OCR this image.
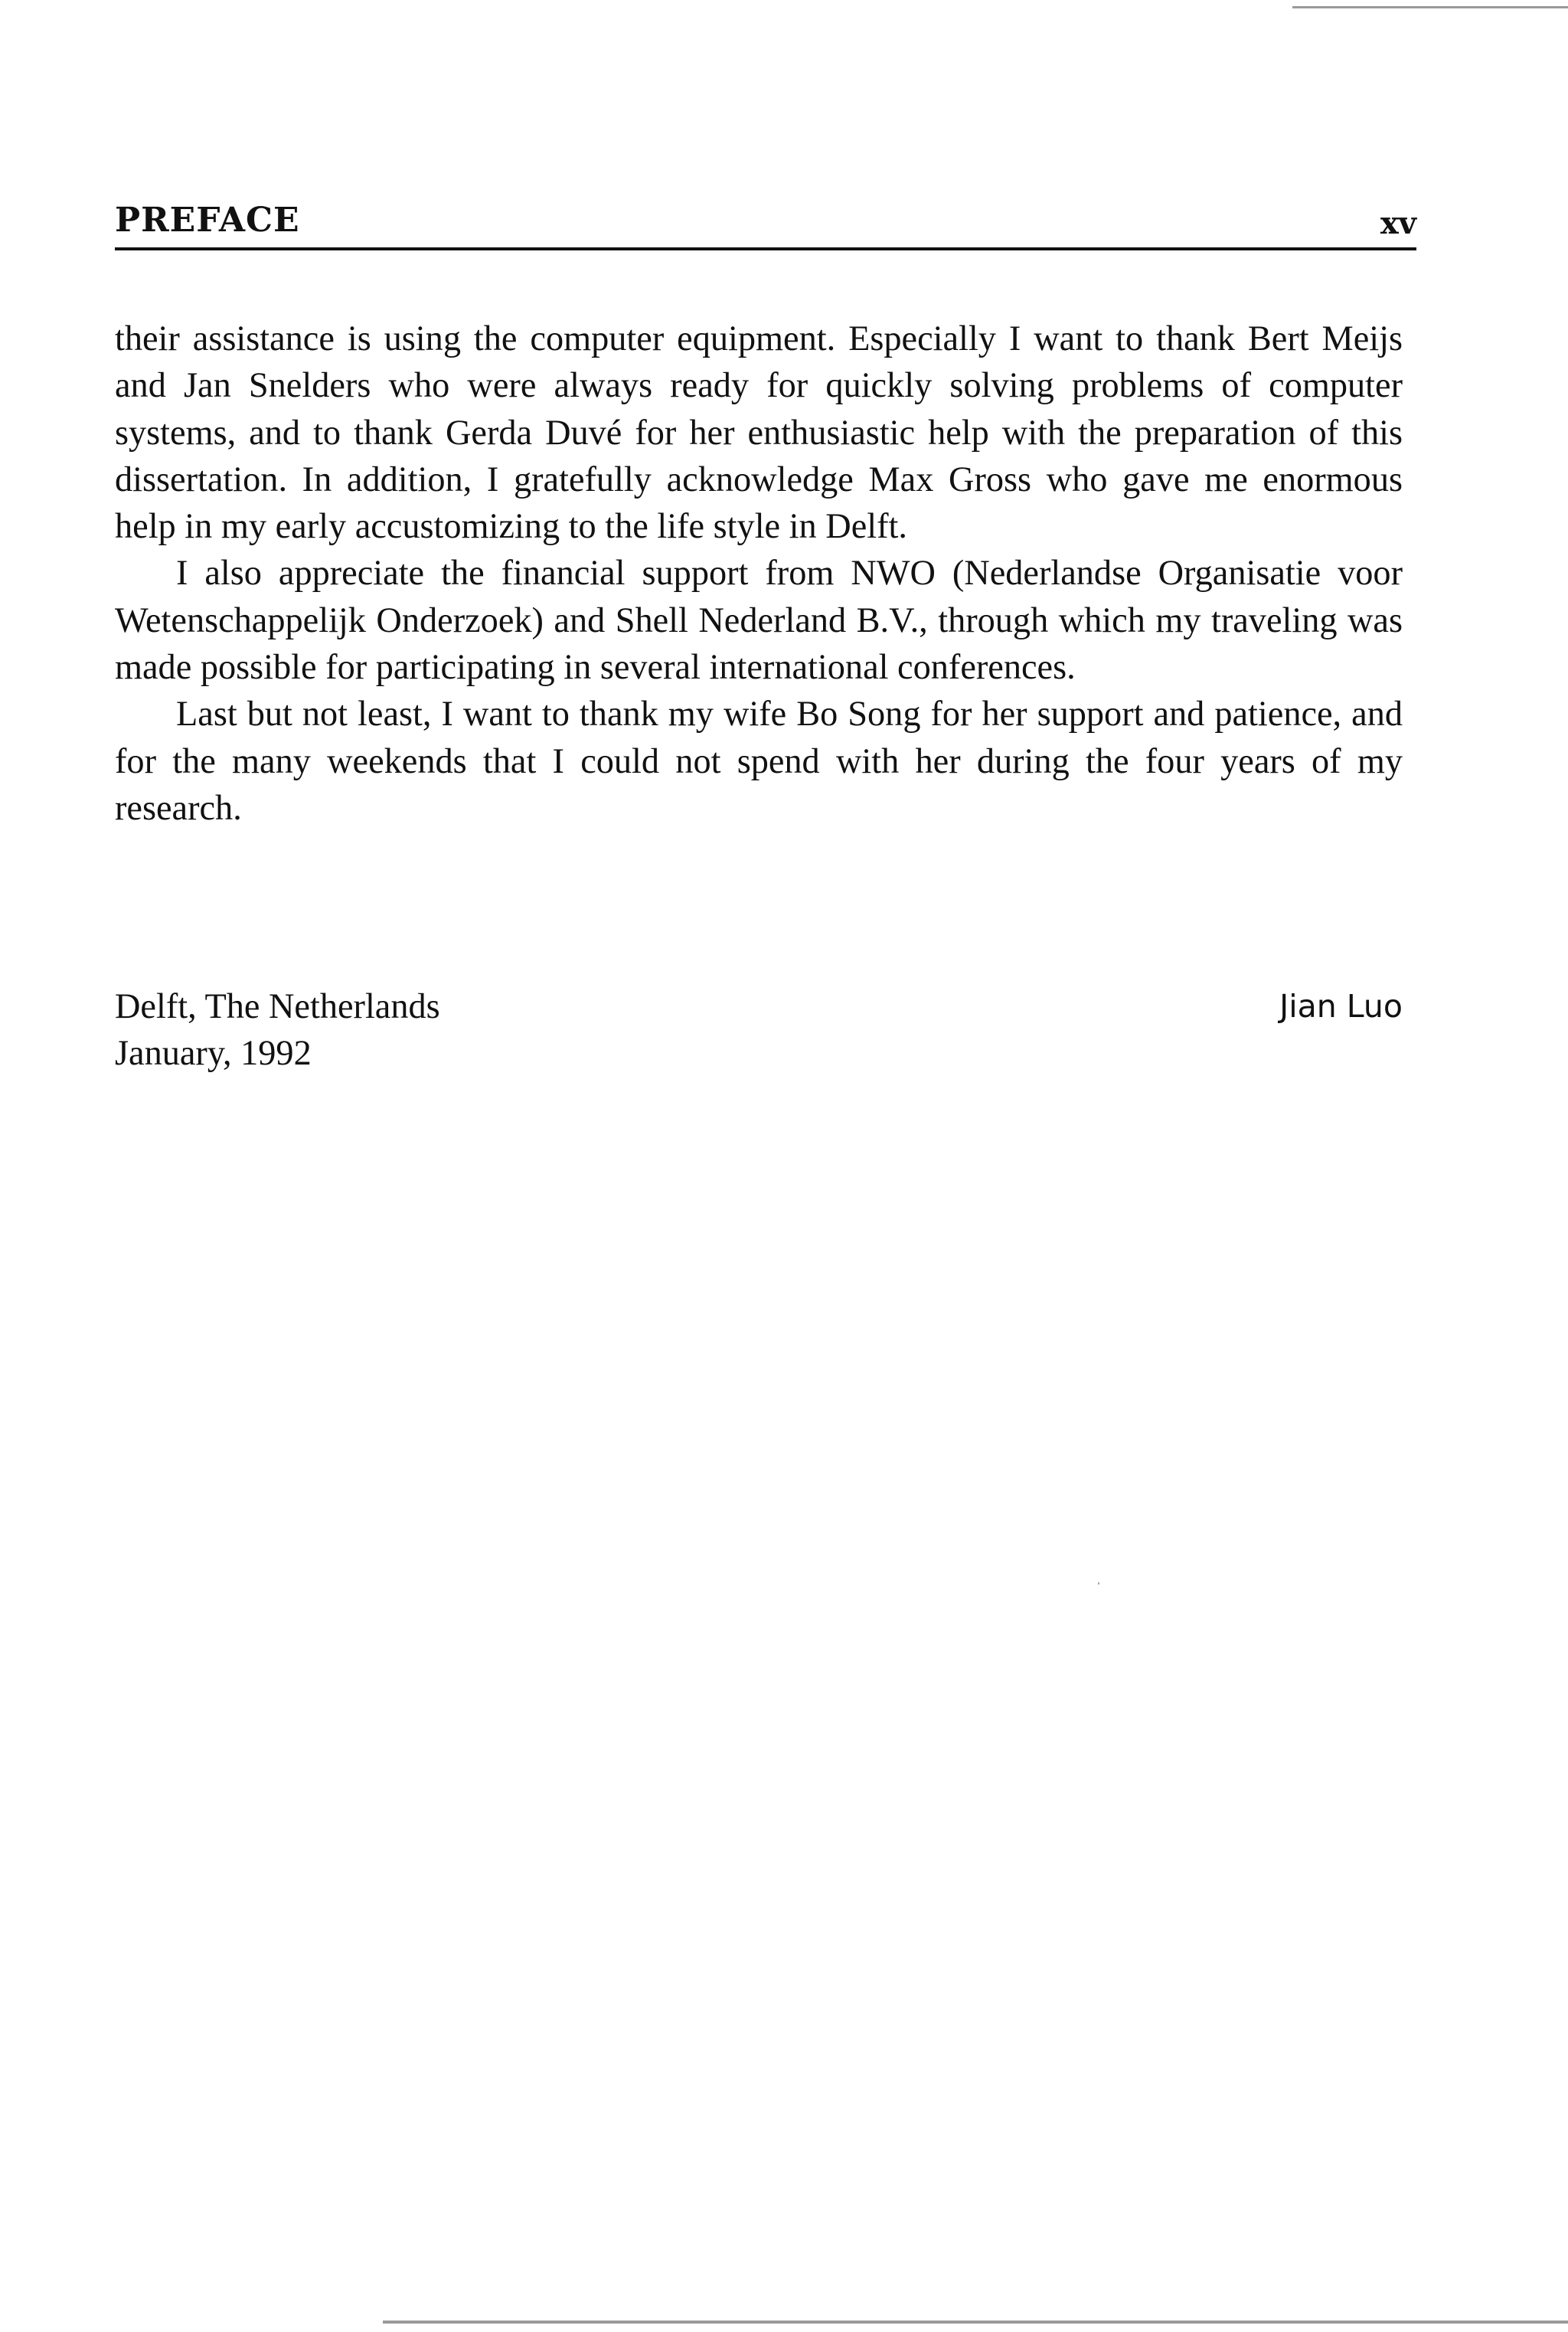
PREFACE	xv

their assistance is using the computer equipment. Especially I want to thank Bert Meijs and Jan Snelders who were always ready for quickly solving problems of computer systems, and to thank Gerda Duvé for her enthusiastic help with the preparation of this dissertation. In addition, I gratefully acknowledge Max Gross who gave me enormous help in my early accustomizing to the life style in Delft.

I also appreciate the financial support from NWO (Nederlandse Organisatie voor Wetenschappelijk Onderzoek) and Shell Nederland B.V., through which my traveling was made possible for participating in several international conferences.

Last but not least, I want to thank my wife Bo Song for her support and patience, and for the many weekends that I could not spend with her during the four years of my research.

Delft, The Netherlands
January, 1992
Jian Luo
